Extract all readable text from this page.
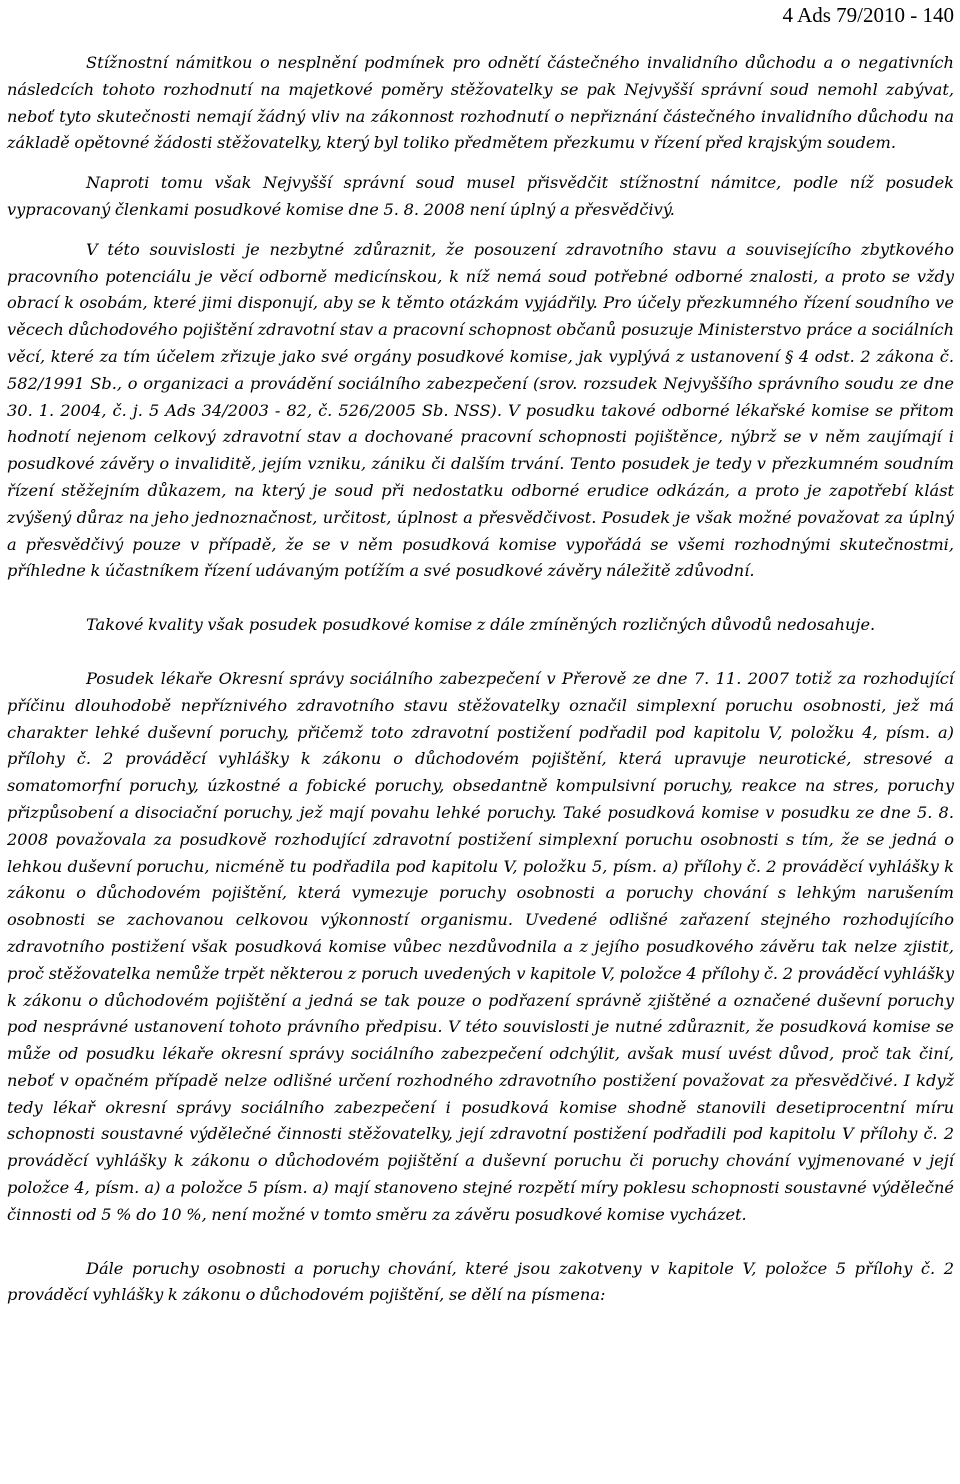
4 Ads 79/2010 - 140

Stížnostní námitkou o nesplnění podmínek pro odnětí částečného invalidního důchodu a o negativních následcích tohoto rozhodnutí na majetkové poměry stěžovatelky se pak Nejvyšší správní soud nemohl zabývat, neboť tyto skutečnosti nemají žádný vliv na zákonnost rozhodnutí o nepřiznání částečného invalidního důchodu na základě opětovné žádosti stěžovatelky, který byl toliko předmětem přezkumu v řízení před krajským soudem.

Naproti tomu však Nejvyšší správní soud musel přisvědčit stížnostní námitce, podle níž posudek vypracovaný členkami posudkové komise dne 5. 8. 2008 není úplný a přesvědčivý.

V této souvislosti je nezbytné zdůraznit, že posouzení zdravotního stavu a souvisejícího zbytkového pracovního potenciálu je věcí odborně medicínskou, k níž nemá soud potřebné odborné znalosti, a proto se vždy obrací k osobám, které jimi disponují, aby se k těmto otázkám vyjádřily. Pro účely přezkumného řízení soudního ve věcech důchodového pojištění zdravotní stav a pracovní schopnost občanů posuzuje Ministerstvo práce a sociálních věcí, které za tím účelem zřizuje jako své orgány posudkové komise, jak vyplývá z ustanovení § 4 odst. 2 zákona č. 582/1991 Sb., o organizaci a provádění sociálního zabezpečení (srov. rozsudek Nejvyššího správního soudu ze dne 30. 1. 2004, č. j. 5 Ads 34/2003 - 82, č. 526/2005 Sb. NSS). V posudku takové odborné lékařské komise se přitom hodnotí nejenom celkový zdravotní stav a dochované pracovní schopnosti pojištěnce, nýbrž se v něm zaujímají i posudkové závěry o invaliditě, jejím vzniku, zániku či dalším trvání. Tento posudek je tedy v přezkumném soudním řízení stěžejním důkazem, na který je soud při nedostatku odborné erudice odkázán, a proto je zapotřebí klást zvýšený důraz na jeho jednoznačnost, určitost, úplnost a přesvědčivost. Posudek je však možné považovat za úplný a přesvědčivý pouze v případě, že se v něm posudková komise vypořádá se všemi rozhodnými skutečnostmi, příhledne k účastníkem řízení udávaným potížím a své posudkové závěry náležitě zdůvodní.

Takové kvality však posudek posudkové komise z dále zmíněných rozličných důvodů nedosahuje.

Posudek lékaře Okresní správy sociálního zabezpečení v Přerově ze dne 7. 11. 2007 totiž za rozhodující příčinu dlouhodobě nepříznivého zdravotního stavu stěžovatelky označil simplexní poruchu osobnosti, jež má charakter lehké duševní poruchy, přičemž toto zdravotní postižení podřadil pod kapitolu V, položku 4, písm. a) přílohy č. 2 prováděcí vyhlášky k zákonu o důchodovém pojištění, která upravuje neurotické, stresové a somatomorfní poruchy, úzkostné a fobické poruchy, obsedantně kompulsivní poruchy, reakce na stres, poruchy přizpůsobení a disociační poruchy, jež mají povahu lehké poruchy. Také posudková komise v posudku ze dne 5. 8. 2008 považovala za posudkově rozhodující zdravotní postižení simplexní poruchu osobnosti s tím, že se jedná o lehkou duševní poruchu, nicméně tu podřadila pod kapitolu V, položku 5, písm. a) přílohy č. 2 prováděcí vyhlášky k zákonu o důchodovém pojištění, která vymezuje poruchy osobnosti a poruchy chování s lehkým narušením osobnosti se zachovanou celkovou výkonností organismu. Uvedené odlišné zařazení stejného rozhodujícího zdravotního postižení však posudková komise vůbec nezdůvodnila a z jejího posudkového závěru tak nelze zjistit, proč stěžovatelka nemůže trpět některou z poruch uvedených v kapitole V, položce 4 přílohy č. 2 prováděcí vyhlášky k zákonu o důchodovém pojištění a jedná se tak pouze o podřazení správně zjištěné a označené duševní poruchy pod nesprávné ustanovení tohoto právního předpisu. V této souvislosti je nutné zdůraznit, že posudková komise se může od posudku lékaře okresní správy sociálního zabezpečení odchýlit, avšak musí uvést důvod, proč tak činí, neboť v opačném případě nelze odlišné určení rozhodného zdravotního postižení považovat za přesvědčivé. I když tedy lékař okresní správy sociálního zabezpečení i posudková komise shodně stanovili desetiprocentní míru schopnosti soustavné výdělečné činnosti stěžovatelky, její zdravotní postižení podřadili pod kapitolu V přílohy č. 2 prováděcí vyhlášky k zákonu o důchodovém pojištění a duševní poruchu či poruchy chování vyjmenované v její položce 4, písm. a) a položce 5 písm. a) mají stanoveno stejné rozpětí míry poklesu schopnosti soustavné výdělečné činnosti od 5 % do 10 %, není možné v tomto směru za závěru posudkové komise vycházet.

Dále poruchy osobnosti a poruchy chování, které jsou zakotveny v kapitole V, položce 5 přílohy č. 2 prováděcí vyhlášky k zákonu o důchodovém pojištění, se dělí na písmena:
